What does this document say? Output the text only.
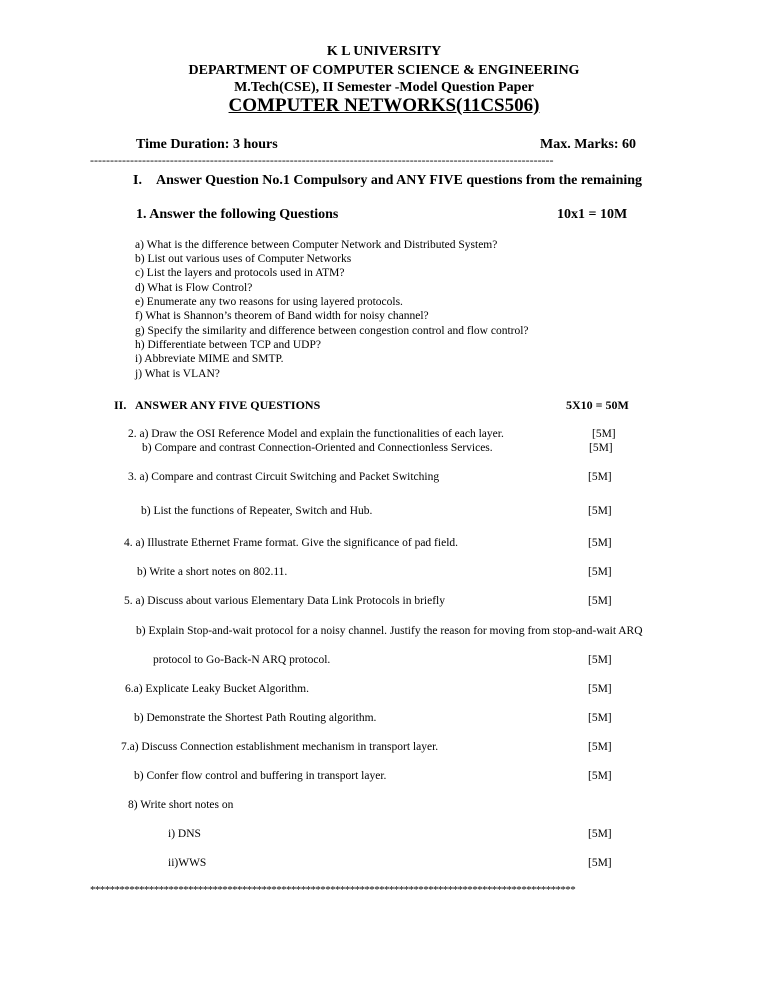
K L UNIVERSITY
DEPARTMENT OF COMPUTER SCIENCE & ENGINEERING
M.Tech(CSE), II Semester -Model Question Paper
COMPUTER NETWORKS(11CS506)
Time Duration: 3 hours	Max. Marks: 60
--------------------------------------------------------------------------------------------------------------------
I. Answer Question No.1 Compulsory and ANY FIVE questions from the remaining
1. Answer the following Questions	10x1 = 10M
a) What is the difference between Computer Network and Distributed System?
b) List out various uses of Computer Networks
c) List the layers and protocols used in ATM?
d) What is Flow Control?
e) Enumerate any two reasons for using layered protocols.
f) What is Shannon’s theorem of Band width for noisy channel?
g) Specify the similarity and difference between congestion control and flow control?
h) Differentiate between TCP and UDP?
i) Abbreviate MIME and SMTP.
j) What is VLAN?
II. ANSWER ANY FIVE QUESTIONS	5X10 = 50M
2. a) Draw the OSI Reference Model and explain the functionalities of each layer.	[5M]
b) Compare and contrast Connection-Oriented and Connectionless Services.	[5M]
3. a) Compare and contrast Circuit Switching and Packet Switching	[5M]
b) List the functions of Repeater, Switch and Hub.	[5M]
4. a) Illustrate Ethernet Frame format. Give the significance of pad field.	[5M]
b) Write a short notes on 802.11.	[5M]
5. a) Discuss about various Elementary Data Link Protocols in briefly	[5M]
b) Explain Stop-and-wait protocol for a noisy channel. Justify the reason for moving from stop-and-wait ARQ
protocol to Go-Back-N ARQ protocol.	[5M]
6.a) Explicate Leaky Bucket Algorithm.	[5M]
b) Demonstrate the Shortest Path Routing algorithm.	[5M]
7.a) Discuss Connection establishment mechanism in transport layer.	[5M]
b) Confer flow control and buffering in transport layer.	[5M]
8) Write short notes on
i) DNS	[5M]
ii)WWS	[5M]
***************************************************************************************************
